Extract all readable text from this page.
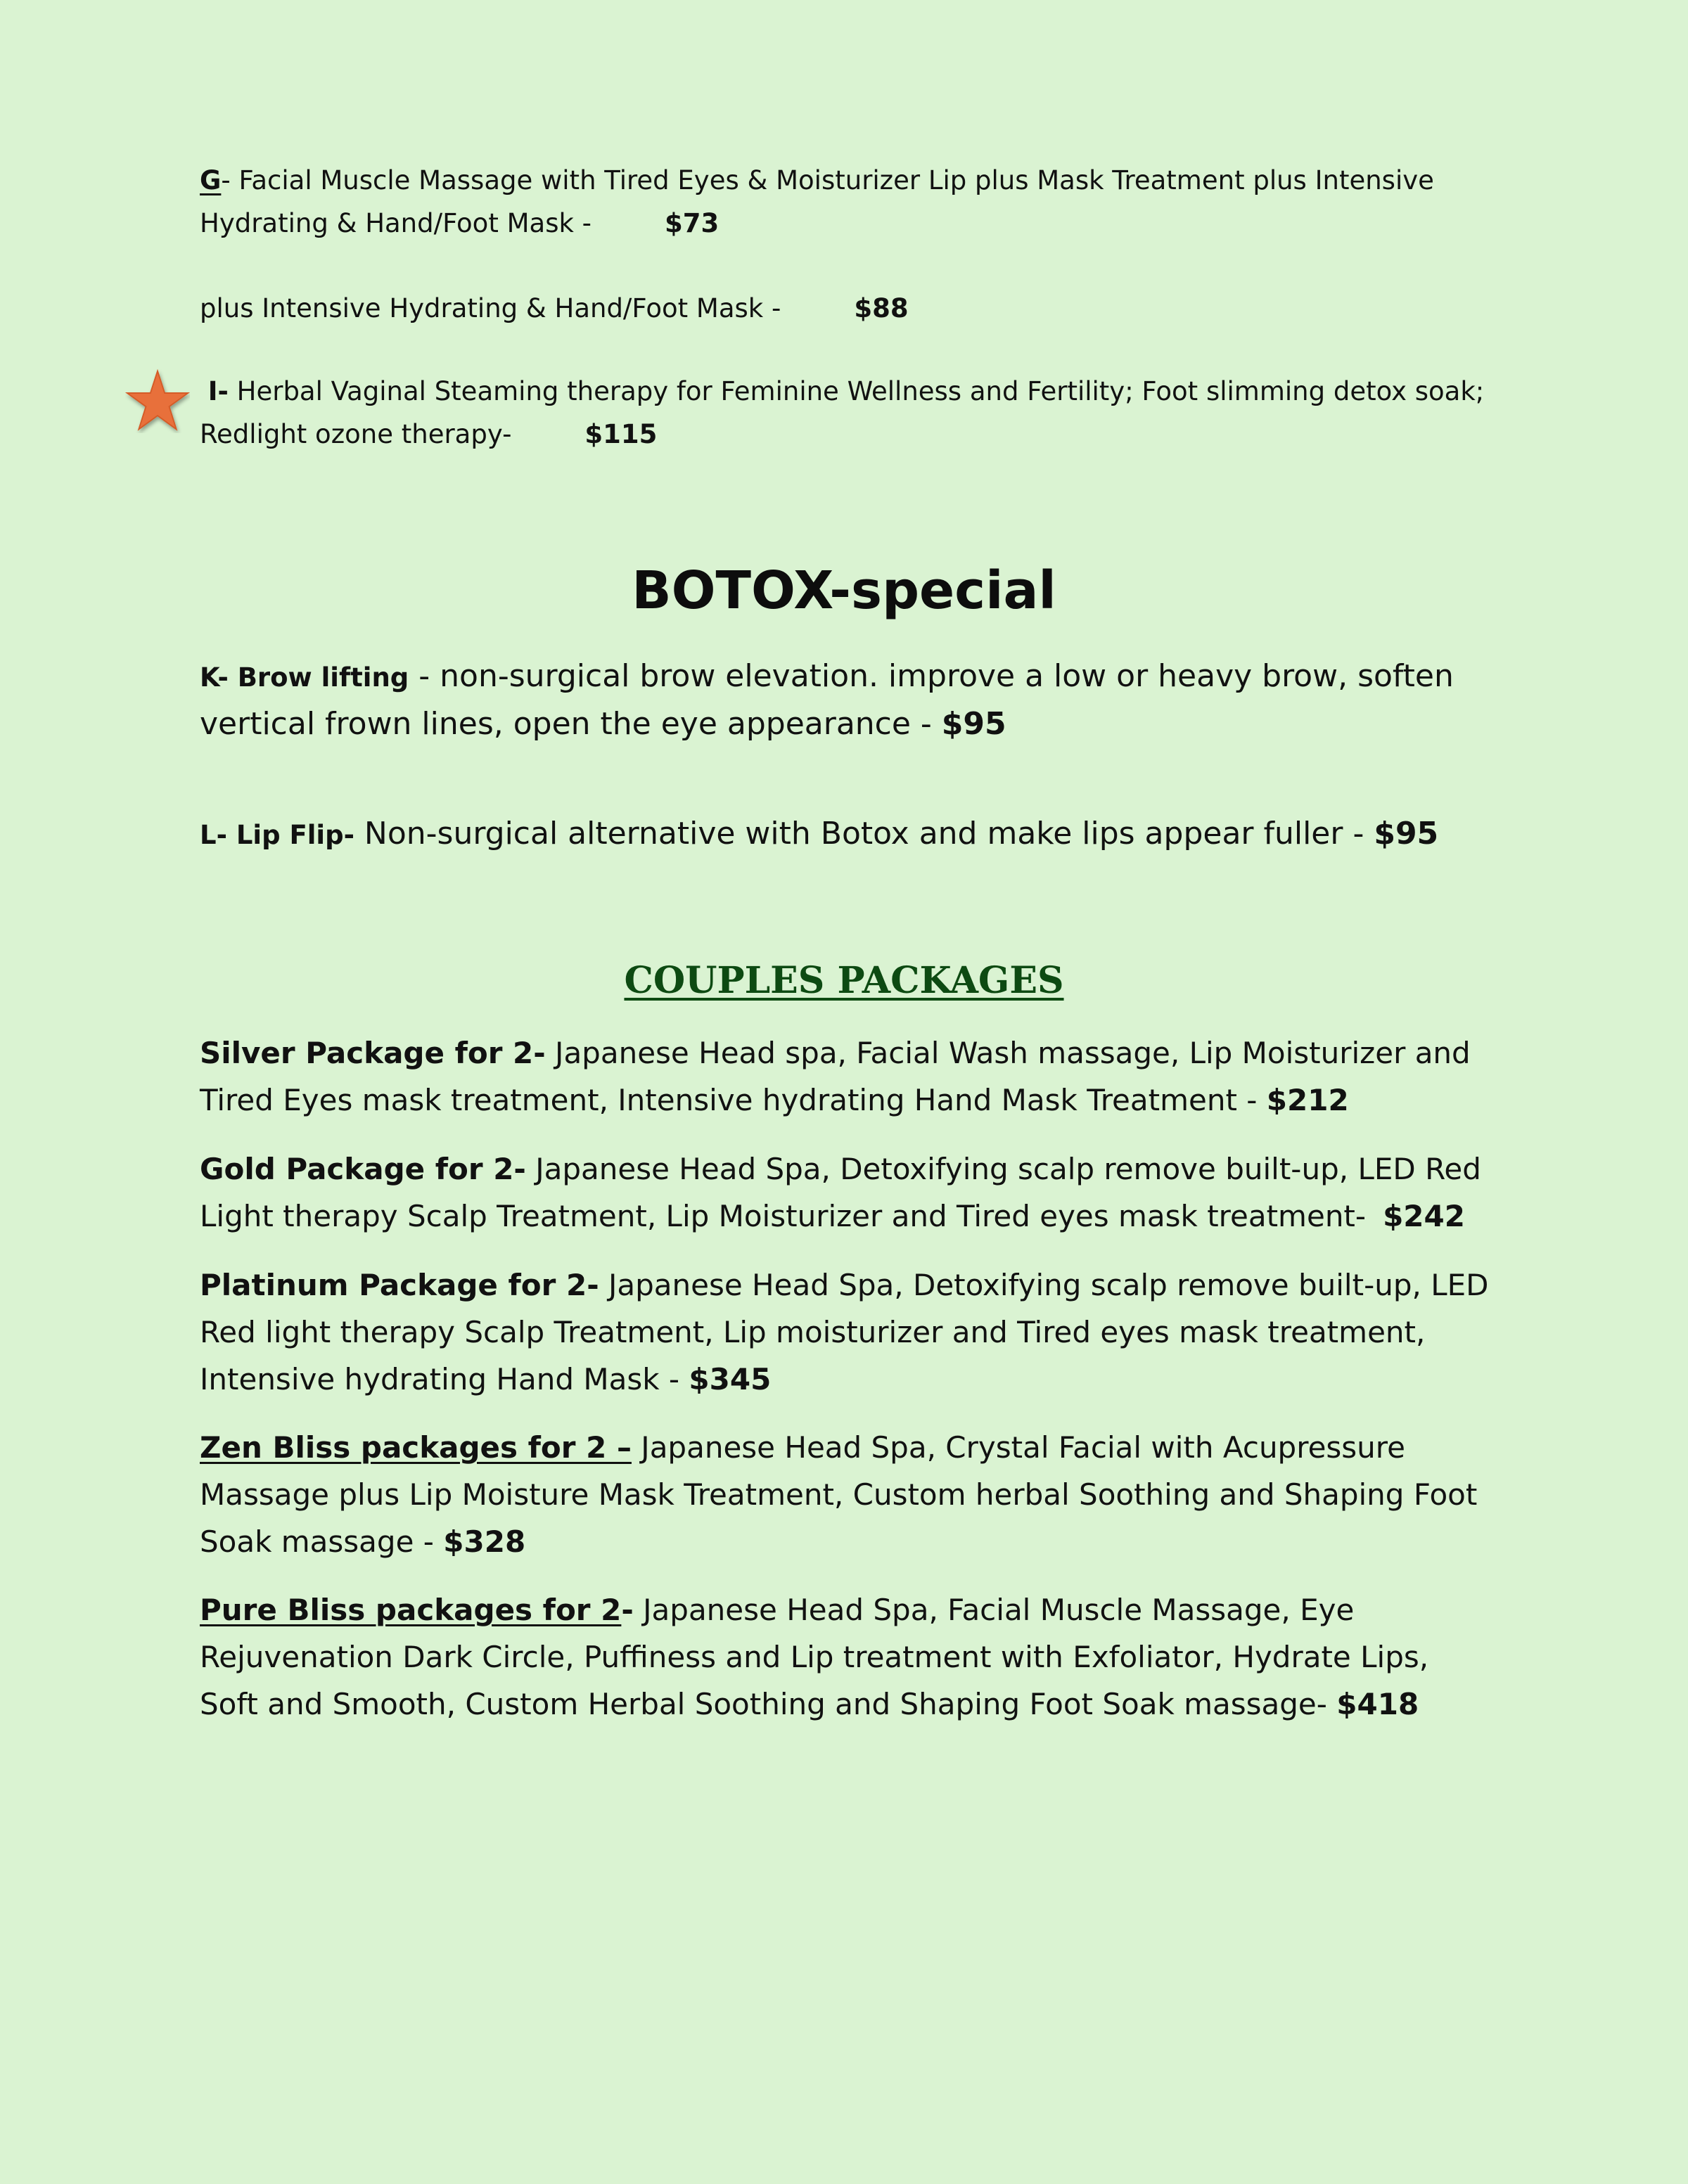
G- Facial Muscle Massage with Tired Eyes & Moisturizer Lip plus Mask Treatment plus Intensive Hydrating & Hand/Foot Mask -	$73
plus Intensive Hydrating & Hand/Foot Mask -	$88
I- Herbal Vaginal Steaming therapy for Feminine Wellness and Fertility; Foot slimming detox soak; Redlight ozone therapy-	$115
BOTOX-special
K- Brow lifting - non-surgical brow elevation. improve a low or heavy brow, soften vertical frown lines, open the eye appearance - $95
L- Lip Flip- Non-surgical alternative with Botox and make lips appear fuller - $95
COUPLES PACKAGES
Silver Package for 2- Japanese Head spa, Facial Wash massage, Lip Moisturizer and Tired Eyes mask treatment, Intensive hydrating Hand Mask Treatment - $212
Gold Package for 2- Japanese Head Spa, Detoxifying scalp remove built-up, LED Red Light therapy Scalp Treatment, Lip Moisturizer and Tired eyes mask treatment- $242
Platinum Package for 2- Japanese Head Spa, Detoxifying scalp remove built-up, LED Red light therapy Scalp Treatment, Lip moisturizer and Tired eyes mask treatment, Intensive hydrating Hand Mask - $345
Zen Bliss packages for 2 – Japanese Head Spa, Crystal Facial with Acupressure Massage plus Lip Moisture Mask Treatment, Custom herbal Soothing and Shaping Foot Soak massage - $328
Pure Bliss packages for 2- Japanese Head Spa, Facial Muscle Massage, Eye Rejuvenation Dark Circle, Puffiness and Lip treatment with Exfoliator, Hydrate Lips, Soft and Smooth, Custom Herbal Soothing and Shaping Foot Soak massage- $418
